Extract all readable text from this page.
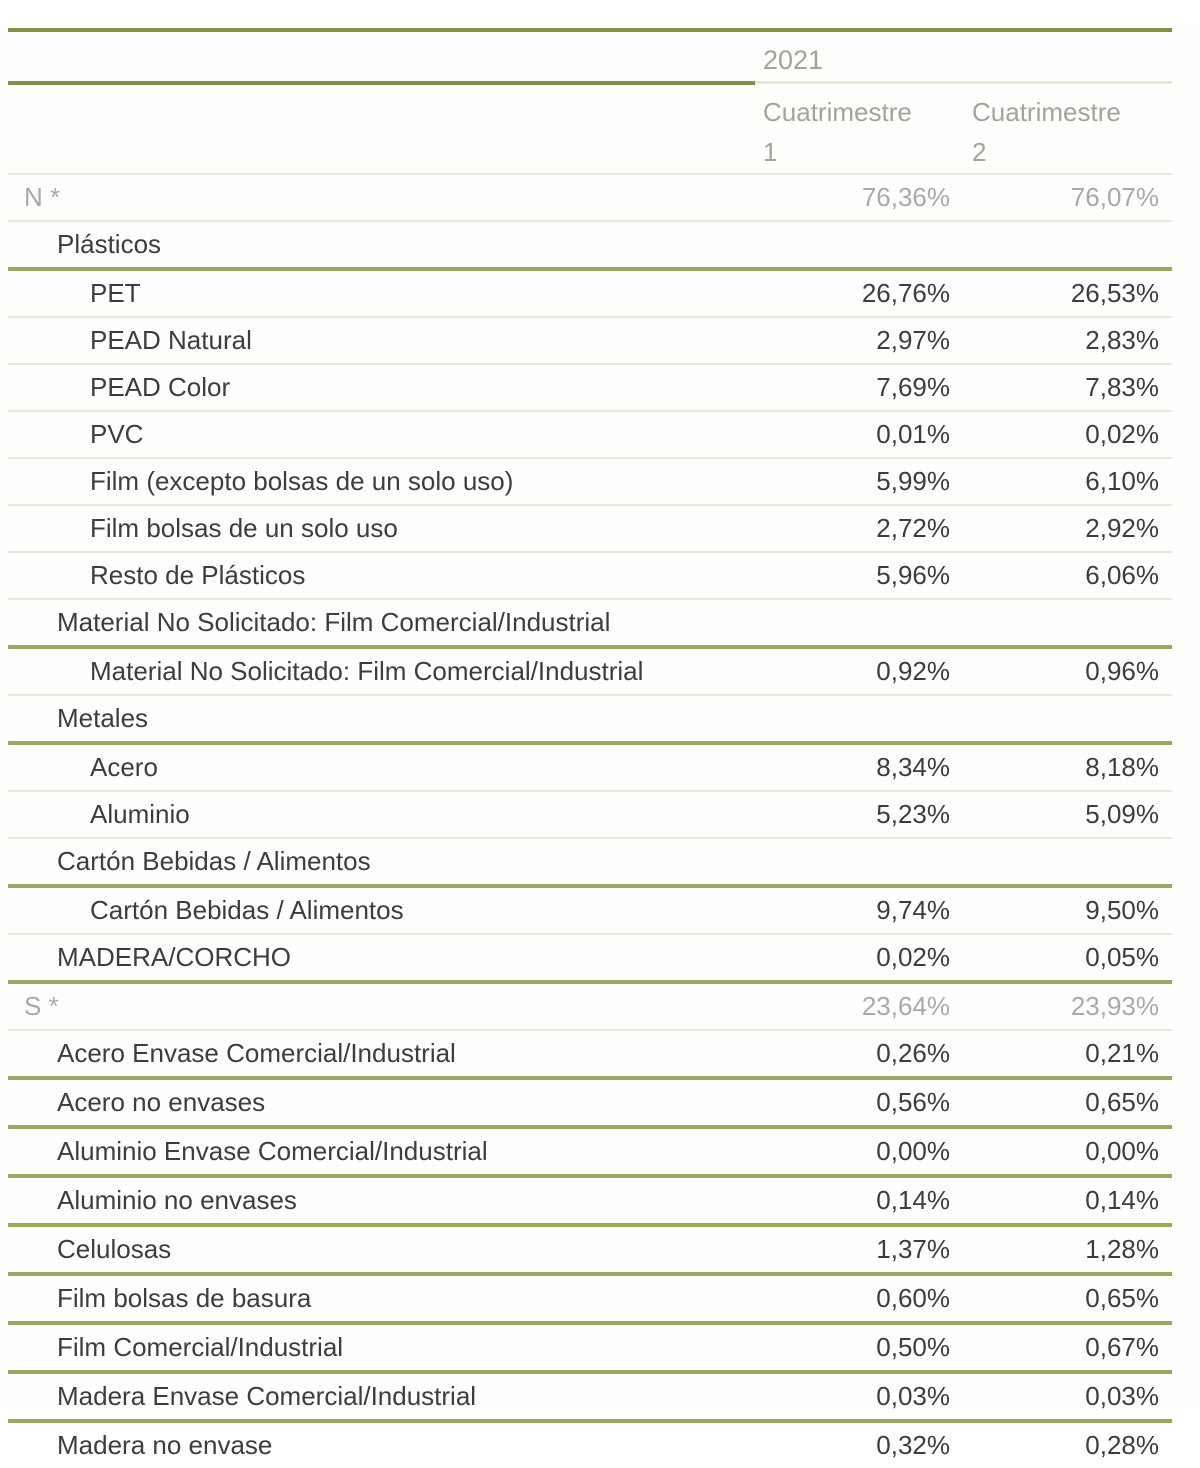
	2021	
	Cuatrimestre 1	Cuatrimestre 2
N *	76,36%	76,07%
Plásticos		
PET	26,76%	26,53%
PEAD Natural	2,97%	2,83%
PEAD Color	7,69%	7,83%
PVC	0,01%	0,02%
Film (excepto bolsas de un solo uso)	5,99%	6,10%
Film bolsas de un solo uso	2,72%	2,92%
Resto de Plásticos	5,96%	6,06%
Material No Solicitado: Film Comercial/Industrial		
Material No Solicitado: Film Comercial/Industrial	0,92%	0,96%
Metales		
Acero	8,34%	8,18%
Aluminio	5,23%	5,09%
Cartón Bebidas / Alimentos		
Cartón Bebidas / Alimentos	9,74%	9,50%
MADERA/CORCHO	0,02%	0,05%
S *	23,64%	23,93%
Acero Envase Comercial/Industrial	0,26%	0,21%
Acero no envases	0,56%	0,65%
Aluminio Envase Comercial/Industrial	0,00%	0,00%
Aluminio no envases	0,14%	0,14%
Celulosas	1,37%	1,28%
Film bolsas de basura	0,60%	0,65%
Film Comercial/Industrial	0,50%	0,67%
Madera Envase Comercial/Industrial	0,03%	0,03%
Madera no envase	0,32%	0,28%
